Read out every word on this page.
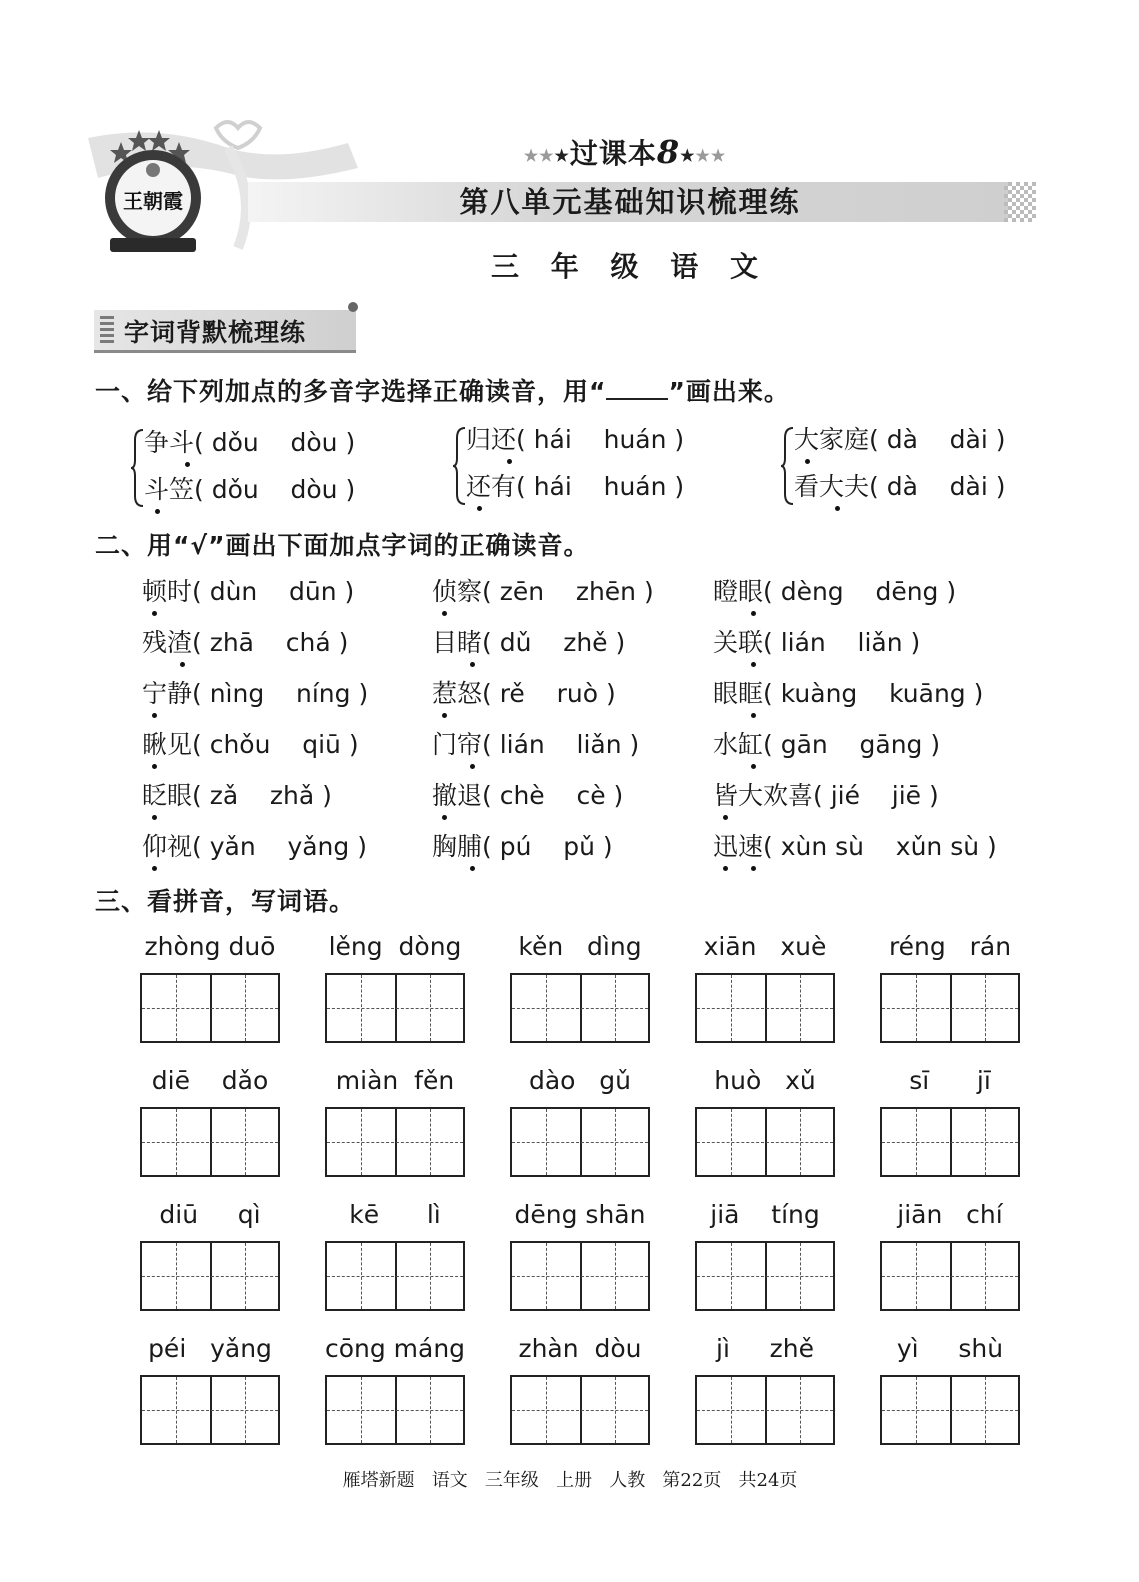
王朝霞
★★★过课本8★★★
第八单元基础知识梳理练
三 年 级 语 文
字词背默梳理练
一、给下列加点的多音字选择正确读音，用“ ”画出来。
争斗( dǒu    dòu )
斗笠( dǒu    dòu )
归还( hái    huán )
还有( hái    huán )
大家庭( dà    dài )
看大夫( dà    dài )
二、用“√”画出下面加点字词的正确读音。
顿时( dùn    dūn )	侦察( zēn    zhēn ) 瞪眼( dèng    dēng )
残渣( zhā    chá )	目睹( dǔ    zhě )	关联( lián    liǎn )
宁静( nìng    níng )	惹怒( rě    ruò )	眼眶( kuàng    kuāng )
瞅见( chǒu    qiū )	门帘( lián    liǎn )	水缸( gān    gāng )
眨眼( zǎ    zhǎ )	撤退( chè    cè )	皆大欢喜( jié    jiē )
仰视( yǎn    yǎng )	胸脯( pú    pǔ )	迅速( xùn sù    xǔn sù )
三、看拼音，写词语。
zhòng duō	lěng  dòng	kěn   dìng	xiān   xuè	réng   rán
diē    dǎo	miàn  fěn	dào   gǔ	huò   xǔ	sī      jī
diū     qì	kē      lì	dēng shān	jiā    tíng	jiān   chí
péi   yǎng	cōng máng	zhàn  dòu	jì     zhě	yì     shù
雁塔新题   语文   三年级   上册   人教   第22页   共24页
